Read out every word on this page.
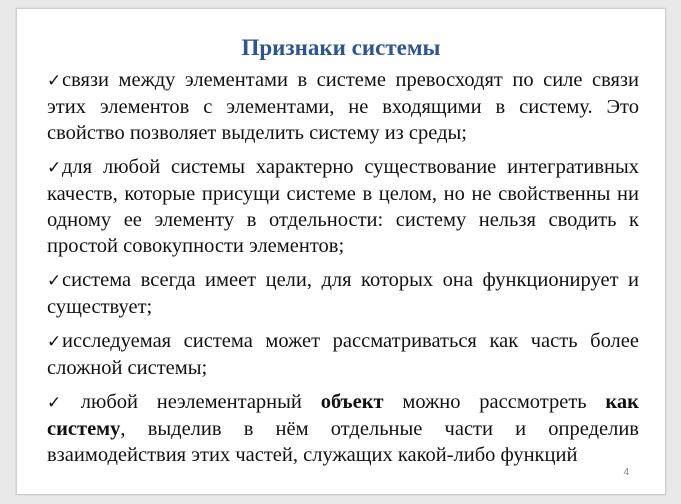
Признаки системы
✓связи между элементами в системе превосходят по силе связи этих элементов с элементами, не входящими в систему. Это свойство позволяет выделить систему из среды;
✓для любой системы характерно существование интегративных качеств, которые присущи системе в целом, но не свойственны ни одному ее элементу в отдельности: систему нельзя сводить к простой совокупности элементов;
✓система всегда имеет цели, для которых она функционирует и существует;
✓исследуемая система может рассматриваться как часть более сложной системы;
✓ любой неэлементарный объект можно рассмотреть как систему, выделив в нём отдельные части и определив взаимодействия этих частей, служащих какой-либо функций
4
